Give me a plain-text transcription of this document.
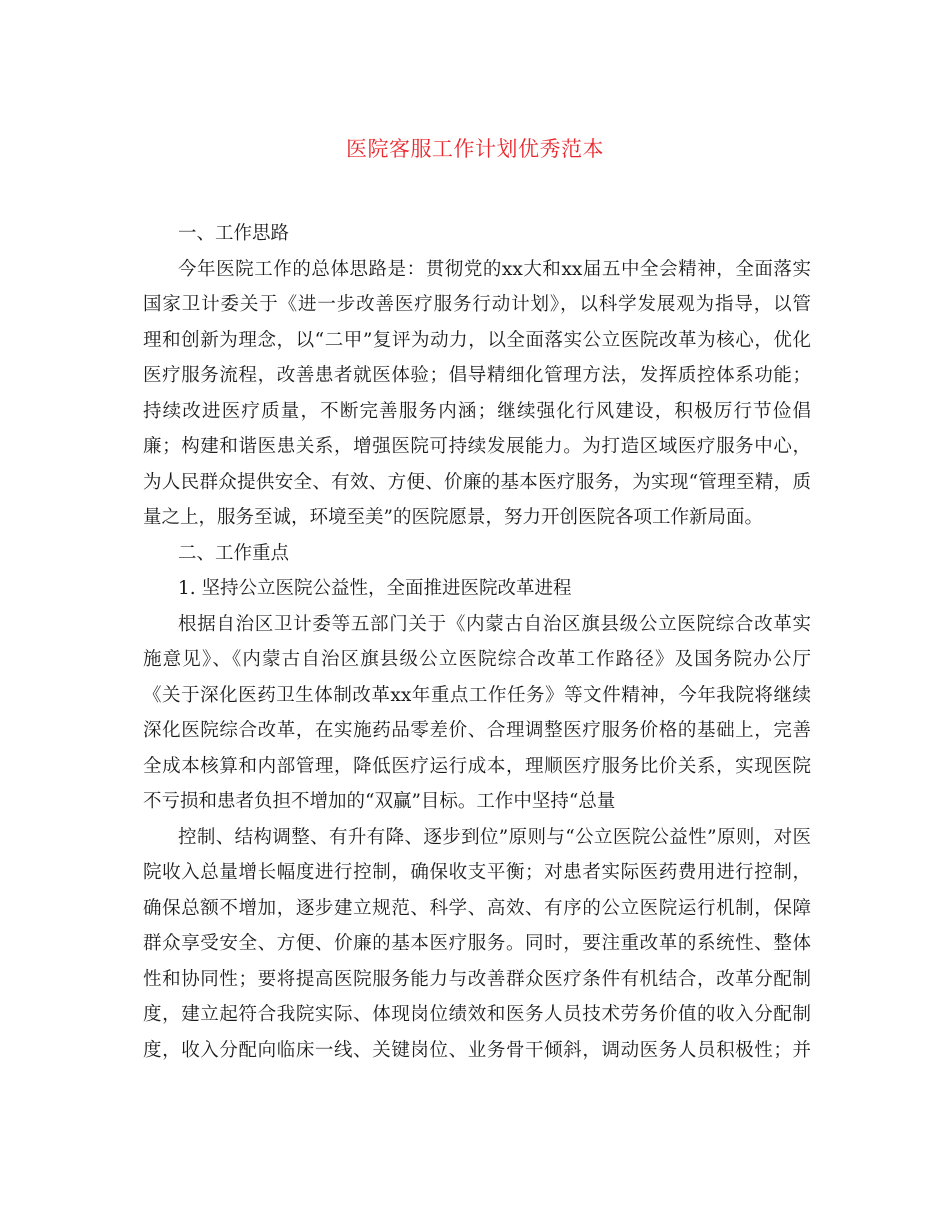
医院客服工作计划优秀范本
一、工作思路
今年医院工作的总体思路是：贯彻党的xx大和xx届五中全会精神，全面落实
国家卫计委关于《进一步改善医疗服务行动计划》，以科学发展观为指导，以管
理和创新为理念，以“二甲”复评为动力，以全面落实公立医院改革为核心，优化
医疗服务流程，改善患者就医体验；倡导精细化管理方法，发挥质控体系功能；
持续改进医疗质量，不断完善服务内涵；继续强化行风建设，积极厉行节俭倡
廉；构建和谐医患关系，增强医院可持续发展能力。为打造区域医疗服务中心，
为人民群众提供安全、有效、方便、价廉的基本医疗服务，为实现“管理至精，质
量之上，服务至诚，环境至美”的医院愿景，努力开创医院各项工作新局面。
二、工作重点
1. 坚持公立医院公益性，全面推进医院改革进程
根据自治区卫计委等五部门关于《内蒙古自治区旗县级公立医院综合改革实
施意见》、《内蒙古自治区旗县级公立医院综合改革工作路径》及国务院办公厅
《关于深化医药卫生体制改革xx年重点工作任务》等文件精神，今年我院将继续
深化医院综合改革，在实施药品零差价、合理调整医疗服务价格的基础上，完善
全成本核算和内部管理，降低医疗运行成本，理顺医疗服务比价关系，实现医院
不亏损和患者负担不增加的“双赢”目标。工作中坚持“总量
控制、结构调整、有升有降、逐步到位”原则与“公立医院公益性”原则，对医
院收入总量增长幅度进行控制，确保收支平衡；对患者实际医药费用进行控制，
确保总额不增加，逐步建立规范、科学、高效、有序的公立医院运行机制，保障
群众享受安全、方便、价廉的基本医疗服务。同时，要注重改革的系统性、整体
性和协同性；要将提高医院服务能力与改善群众医疗条件有机结合，改革分配制
度，建立起符合我院实际、体现岗位绩效和医务人员技术劳务价值的收入分配制
度，收入分配向临床一线、关键岗位、业务骨干倾斜，调动医务人员积极性；并
